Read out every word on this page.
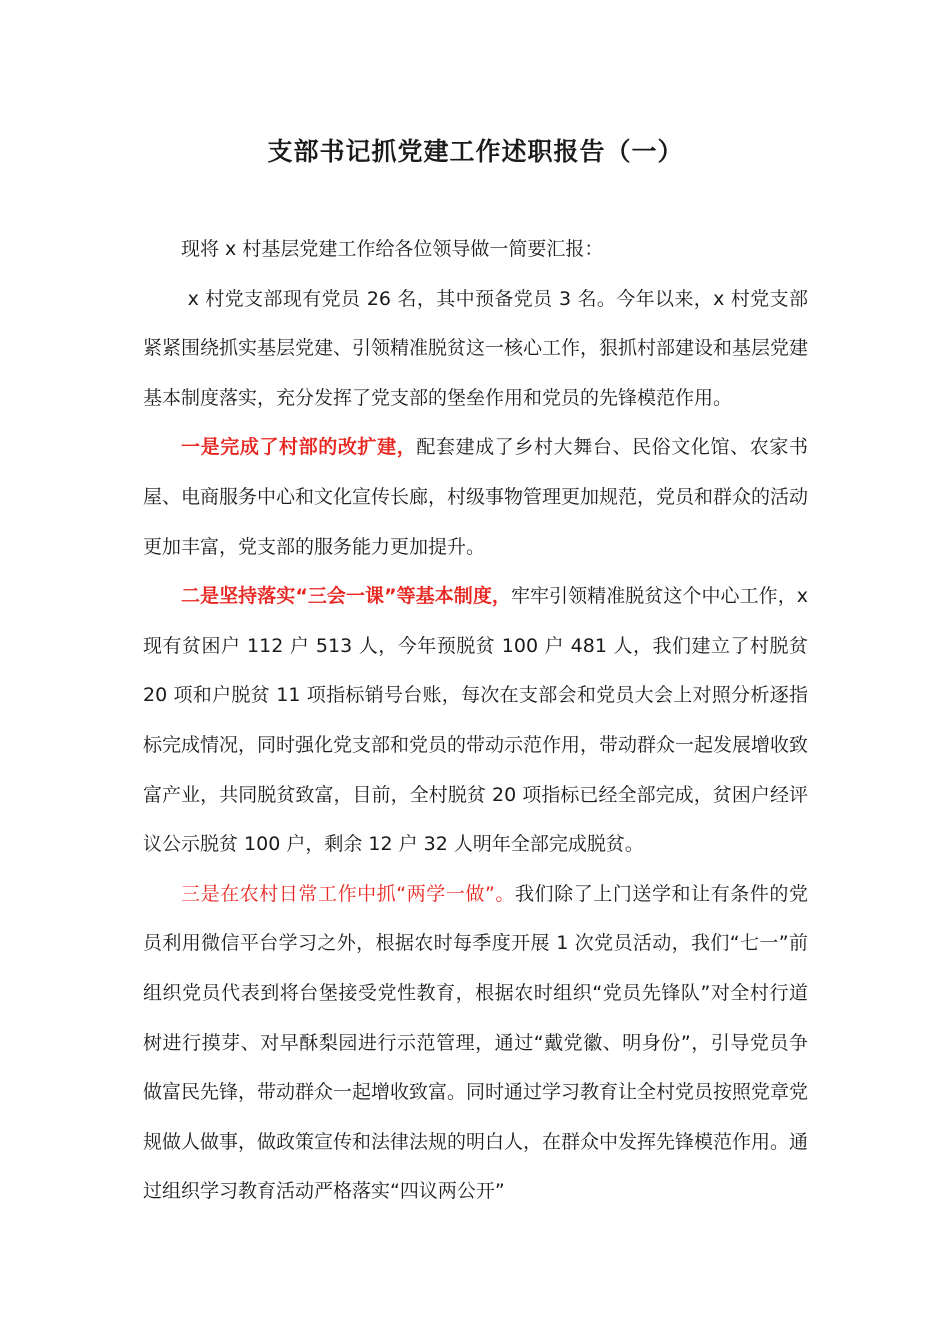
支部书记抓党建工作述职报告（一）

现将 x 村基层党建工作给各位领导做一简要汇报：

x 村党支部现有党员 26 名，其中预备党员 3 名。今年以来，x 村党支部紧紧围绕抓实基层党建、引领精准脱贫这一核心工作，狠抓村部建设和基层党建基本制度落实，充分发挥了党支部的堡垒作用和党员的先锋模范作用。

一是完成了村部的改扩建，配套建成了乡村大舞台、民俗文化馆、农家书屋、电商服务中心和文化宣传长廊，村级事物管理更加规范，党员和群众的活动更加丰富，党支部的服务能力更加提升。

二是坚持落实“三会一课”等基本制度，牢牢引领精准脱贫这个中心工作，x 现有贫困户 112 户 513 人，今年预脱贫 100 户 481 人，我们建立了村脱贫 20 项和户脱贫 11 项指标销号台账，每次在支部会和党员大会上对照分析逐指标完成情况，同时强化党支部和党员的带动示范作用，带动群众一起发展增收致富产业，共同脱贫致富，目前，全村脱贫 20 项指标已经全部完成，贫困户经评议公示脱贫 100 户，剩余 12 户 32 人明年全部完成脱贫。

三是在农村日常工作中抓“两学一做”。我们除了上门送学和让有条件的党员利用微信平台学习之外，根据农时每季度开展 1 次党员活动，我们“七一”前组织党员代表到将台堡接受党性教育，根据农时组织“党员先锋队”对全村行道树进行摸芽、对早酥梨园进行示范管理，通过“戴党徽、明身份”，引导党员争做富民先锋，带动群众一起增收致富。同时通过学习教育让全村党员按照党章党规做人做事，做政策宣传和法律法规的明白人，在群众中发挥先锋模范作用。通过组织学习教育活动严格落实“四议两公开”
